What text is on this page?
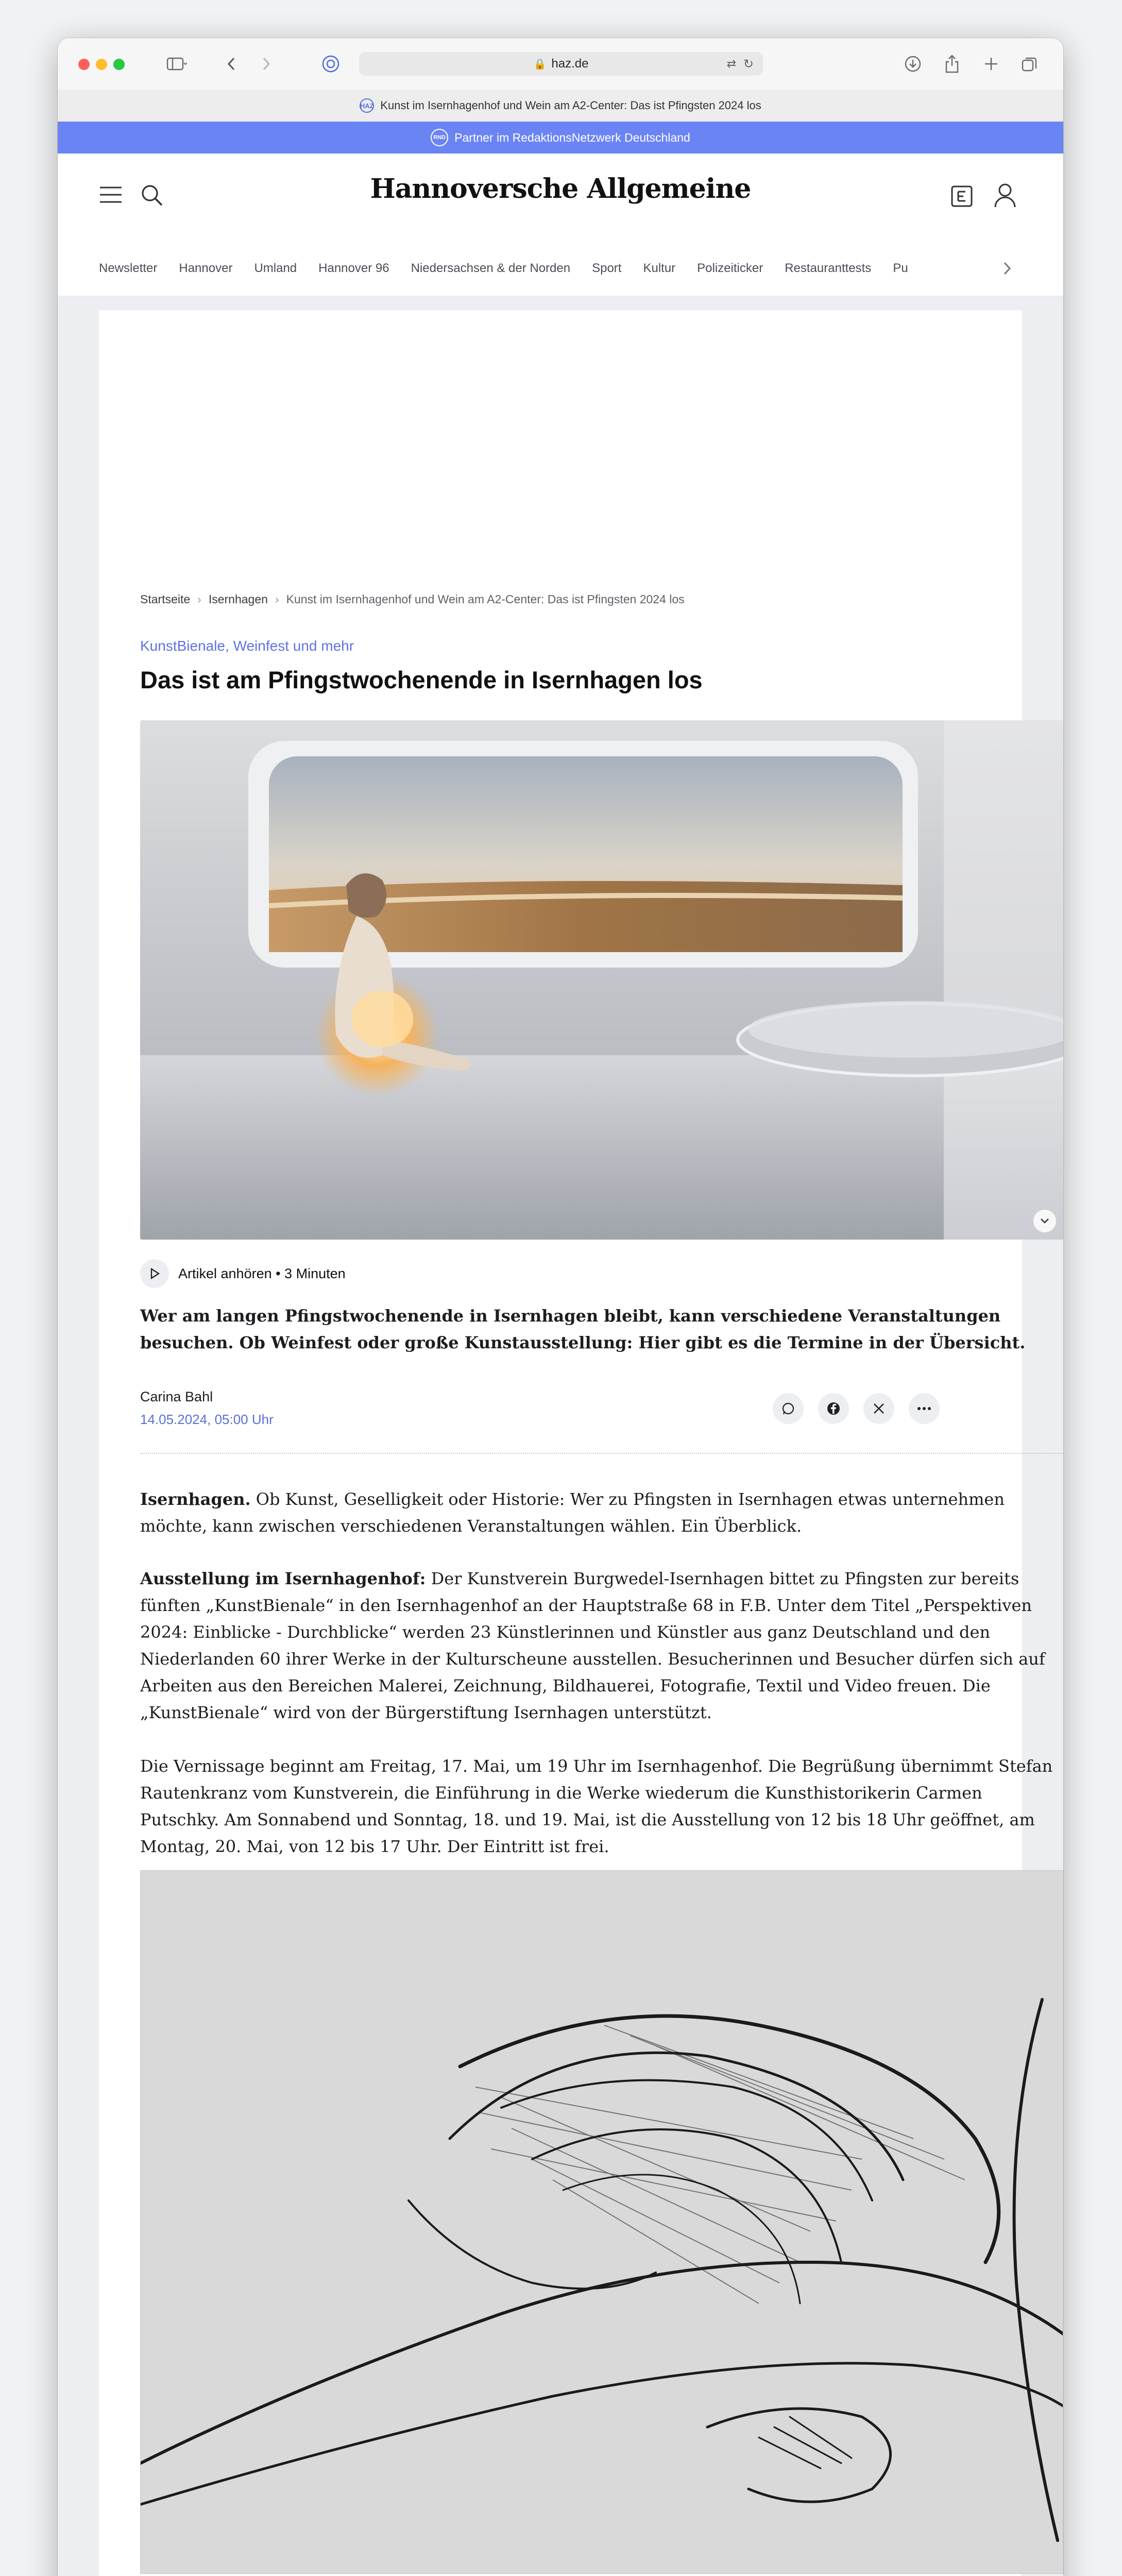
🔒 haz.de	⇄ ↻
HAZ Kunst im Isernhagenhof und Wein am A2-Center: Das ist Pfingsten 2024 los
RND Partner im RedaktionsNetzwerk Deutschland
Hannoversche Allgemeine
Newsletter Hannover Umland Hannover 96 Niedersachsen & der Norden Sport Kultur Polizeiticker Restauranttests Pu
Startseite › Isernhagen › Kunst im Isernhagenhof und Wein am A2-Center: Das ist Pfingsten 2024 los
KunstBienale, Weinfest und mehr
Das ist am Pfingstwochenende in Isernhagen los
Artikel anhören • 3 Minuten
Wer am langen Pfingstwochenende in Isernhagen bleibt, kann verschiedene Veranstaltungen besuchen. Ob Weinfest oder große Kunstausstellung: Hier gibt es die Termine in der Übersicht.
Carina Bahl
14.05.2024, 05:00 Uhr
Isernhagen. Ob Kunst, Geselligkeit oder Historie: Wer zu Pfingsten in Isernhagen etwas unternehmen möchte, kann zwischen verschiedenen Veranstaltungen wählen. Ein Überblick.
Ausstellung im Isernhagenhof: Der Kunstverein Burgwedel-Isernhagen bittet zu Pfingsten zur bereits fünften „KunstBienale“ in den Isernhagenhof an der Hauptstraße 68 in F.B. Unter dem Titel „Perspektiven 2024: Einblicke - Durchblicke“ werden 23 Künstlerinnen und Künstler aus ganz Deutschland und den Niederlanden 60 ihrer Werke in der Kulturscheune ausstellen. Besucherinnen und Besucher dürfen sich auf Arbeiten aus den Bereichen Malerei, Zeichnung, Bildhauerei, Fotografie, Textil und Video freuen. Die „KunstBienale“ wird von der Bürgerstiftung Isernhagen unterstützt.
Die Vernissage beginnt am Freitag, 17. Mai, um 19 Uhr im Isernhagenhof. Die Begrüßung übernimmt Stefan Rautenkranz vom Kunstverein, die Einführung in die Werke wiederum die Kunsthistorikerin Carmen Putschky. Am Sonnabend und Sonntag, 18. und 19. Mai, ist die Ausstellung von 12 bis 18 Uhr geöffnet, am Montag, 20. Mai, von 12 bis 17 Uhr. Der Eintritt ist frei.
